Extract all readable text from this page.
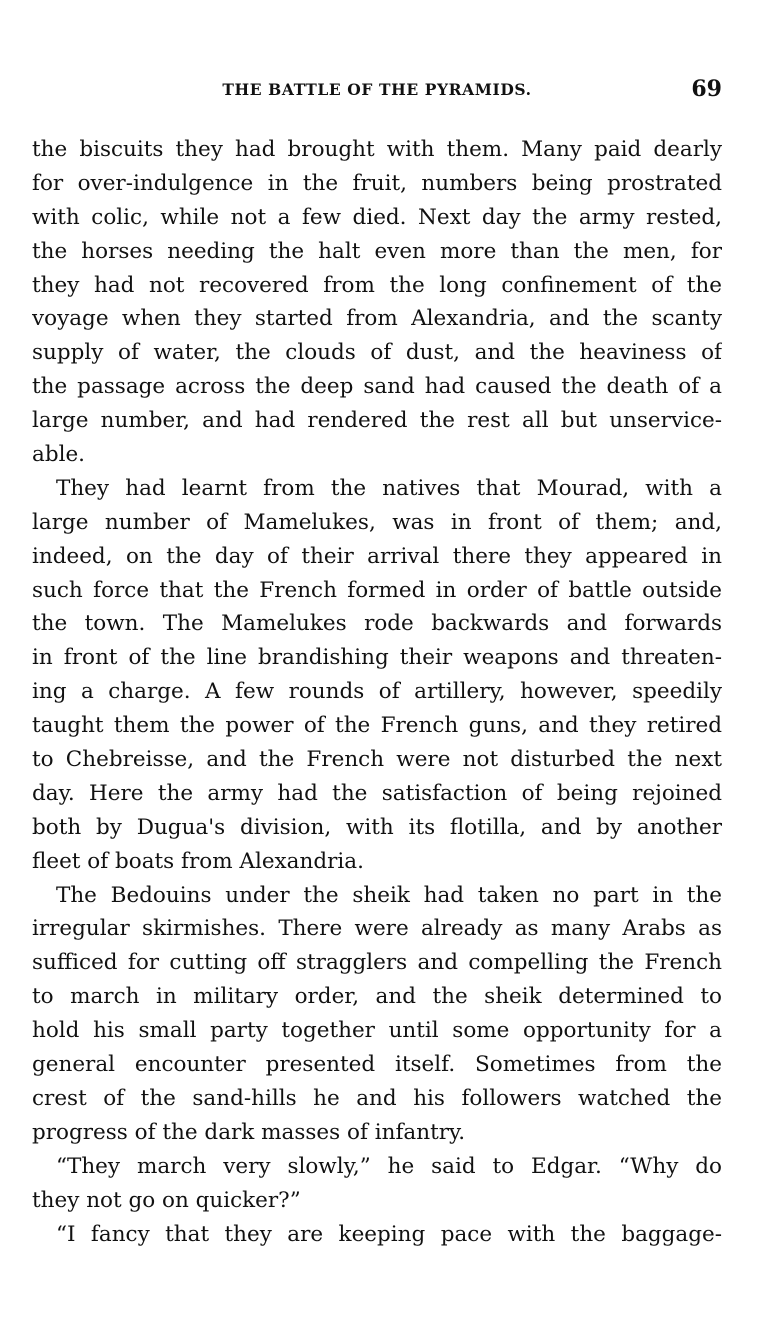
THE BATTLE OF THE PYRAMIDS.	69
the biscuits they had brought with them. Many paid dearly
for over-indulgence in the fruit, numbers being prostrated
with colic, while not a few died. Next day the army rested,
the horses needing the halt even more than the men, for
they had not recovered from the long confinement of the
voyage when they started from Alexandria, and the scanty
supply of water, the clouds of dust, and the heaviness of
the passage across the deep sand had caused the death of a
large number, and had rendered the rest all but unservice-
able.
They had learnt from the natives that Mourad, with a
large number of Mamelukes, was in front of them; and,
indeed, on the day of their arrival there they appeared in
such force that the French formed in order of battle outside
the town. The Mamelukes rode backwards and forwards
in front of the line brandishing their weapons and threaten-
ing a charge. A few rounds of artillery, however, speedily
taught them the power of the French guns, and they retired
to Chebreisse, and the French were not disturbed the next
day. Here the army had the satisfaction of being rejoined
both by Dugua's division, with its flotilla, and by another
fleet of boats from Alexandria.
The Bedouins under the sheik had taken no part in the
irregular skirmishes. There were already as many Arabs as
sufficed for cutting off stragglers and compelling the French
to march in military order, and the sheik determined to
hold his small party together until some opportunity for a
general encounter presented itself. Sometimes from the
crest of the sand-hills he and his followers watched the
progress of the dark masses of infantry.
“They march very slowly,” he said to Edgar. “Why do
they not go on quicker?”
“I fancy that they are keeping pace with the baggage-
